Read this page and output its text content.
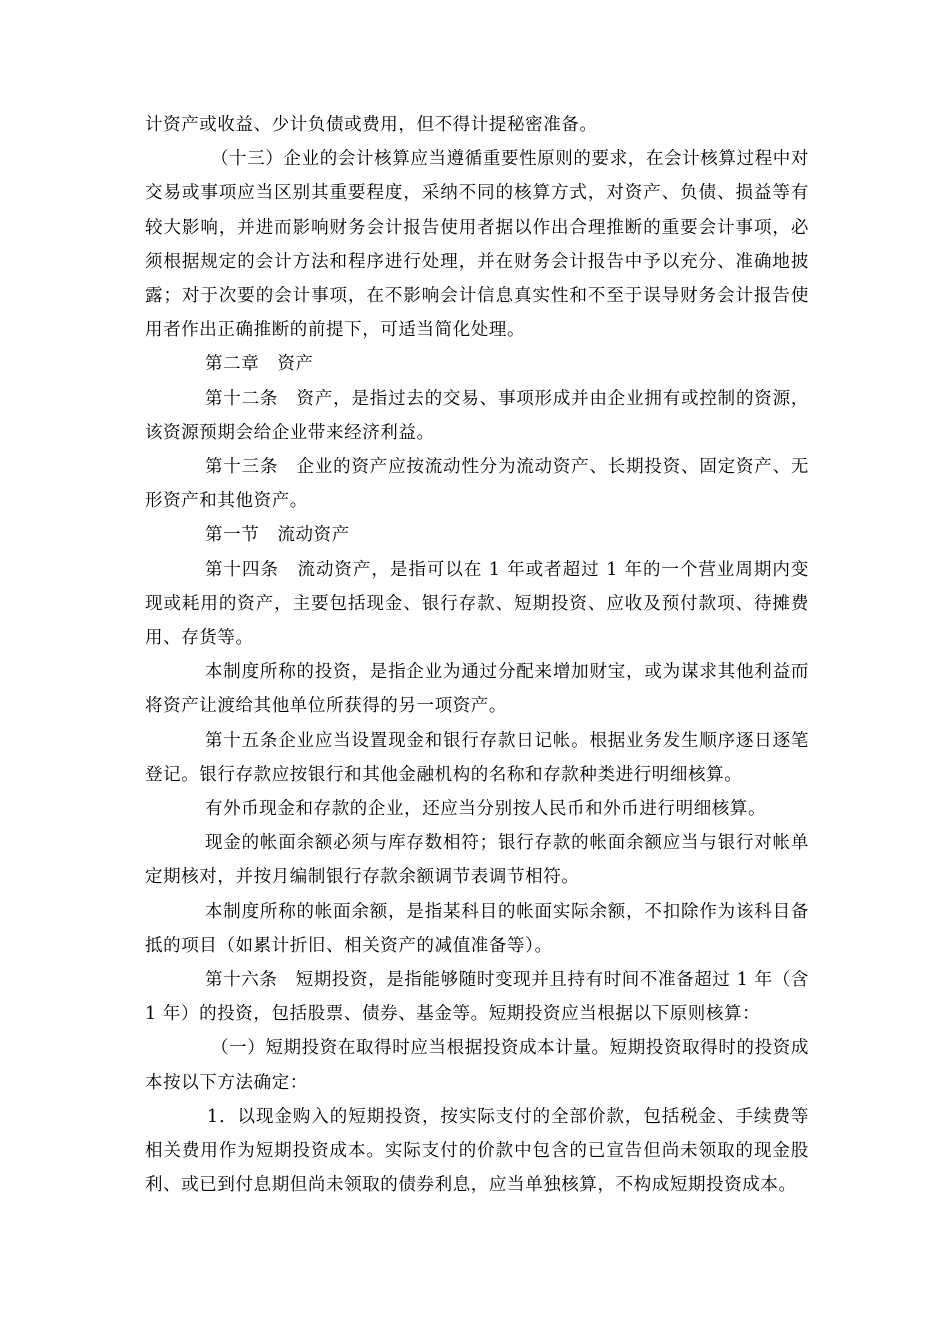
计资产或收益、少计负债或费用，但不得计提秘密准备。

（十三）企业的会计核算应当遵循重要性原则的要求，在会计核算过程中对交易或事项应当区别其重要程度，采纳不同的核算方式，对资产、负债、损益等有较大影响，并进而影响财务会计报告使用者据以作出合理推断的重要会计事项，必须根据规定的会计方法和程序进行处理，并在财务会计报告中予以充分、准确地披露；对于次要的会计事项，在不影响会计信息真实性和不至于误导财务会计报告使用者作出正确推断的前提下，可适当简化处理。

第二章　资产

第十二条　资产，是指过去的交易、事项形成并由企业拥有或控制的资源，该资源预期会给企业带来经济利益。

第十三条　企业的资产应按流动性分为流动资产、长期投资、固定资产、无形资产和其他资产。

第一节　流动资产

第十四条　流动资产，是指可以在 1 年或者超过 1 年的一个营业周期内变现或耗用的资产，主要包括现金、银行存款、短期投资、应收及预付款项、待摊费用、存货等。

本制度所称的投资，是指企业为通过分配来增加财宝，或为谋求其他利益而将资产让渡给其他单位所获得的另一项资产。

第十五条企业应当设置现金和银行存款日记帐。根据业务发生顺序逐日逐笔登记。银行存款应按银行和其他金融机构的名称和存款种类进行明细核算。

有外币现金和存款的企业，还应当分别按人民币和外币进行明细核算。

现金的帐面余额必须与库存数相符；银行存款的帐面余额应当与银行对帐单定期核对，并按月编制银行存款余额调节表调节相符。

本制度所称的帐面余额，是指某科目的帐面实际余额，不扣除作为该科目备抵的项目（如累计折旧、相关资产的减值准备等）。

第十六条　短期投资，是指能够随时变现并且持有时间不准备超过 1 年（含 1 年）的投资，包括股票、债券、基金等。短期投资应当根据以下原则核算：

（一）短期投资在取得时应当根据投资成本计量。短期投资取得时的投资成本按以下方法确定：

1．以现金购入的短期投资，按实际支付的全部价款，包括税金、手续费等相关费用作为短期投资成本。实际支付的价款中包含的已宣告但尚未领取的现金股利、或已到付息期但尚未领取的债券利息，应当单独核算，不构成短期投资成本。
